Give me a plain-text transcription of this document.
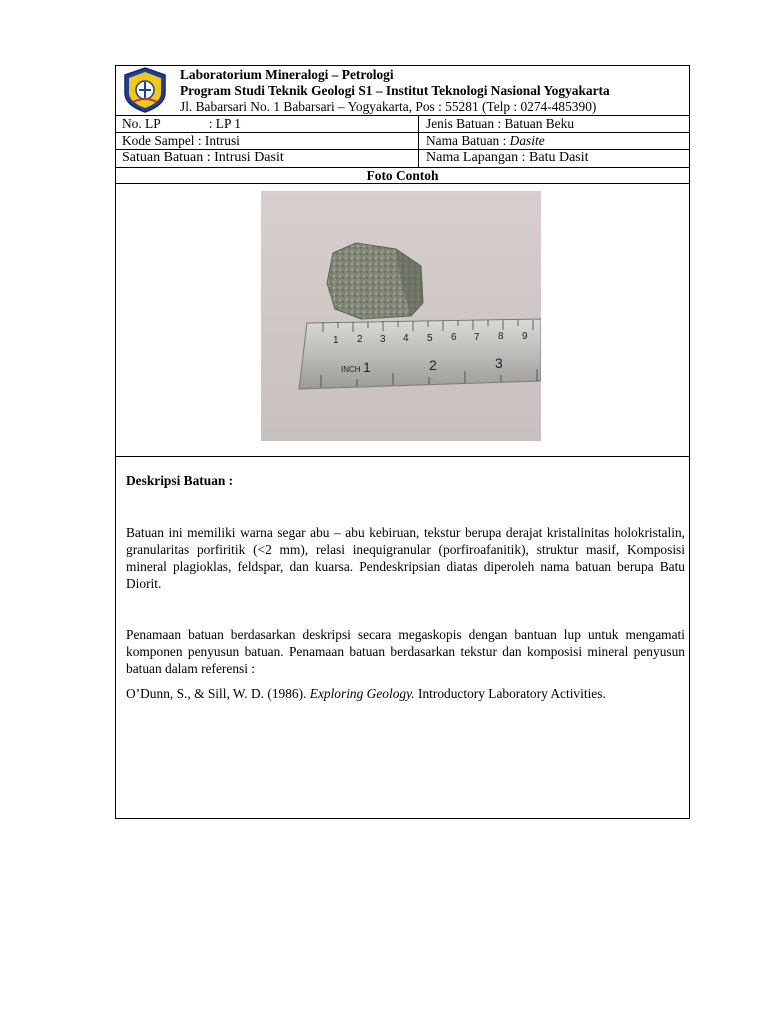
Laboratorium Mineralogi – Petrologi
Program Studi Teknik Geologi S1 – Institut Teknologi Nasional Yogyakarta
Jl. Babarsari No. 1 Babarsari – Yogyakarta, Pos : 55281 (Telp : 0274-485390)
No. LP	: LP 1	Jenis Batuan : Batuan Beku
Kode Sampel : Intrusi	Nama Batuan : Dasite
Satuan Batuan : Intrusi Dasit	Nama Lapangan : Batu Dasit
Foto Contoh
1 2 3 4 5 6 7 8 9
INCH 1	2	3
Deskripsi Batuan :
Batuan ini memiliki warna segar abu – abu kebiruan, tekstur berupa derajat kristalinitas holokristalin, granularitas porfiritik (<2 mm), relasi inequigranular (porfiroafanitik), struktur masif, Komposisi mineral plagioklas, feldspar, dan kuarsa. Pendeskripsian diatas diperoleh nama batuan berupa Batu Diorit.
Penamaan batuan berdasarkan deskripsi secara megaskopis dengan bantuan lup untuk mengamati komponen penyusun batuan. Penamaan batuan berdasarkan tekstur dan komposisi mineral penyusun batuan dalam referensi :
O’Dunn, S., & Sill, W. D. (1986). Exploring Geology. Introductory Laboratory Activities.
